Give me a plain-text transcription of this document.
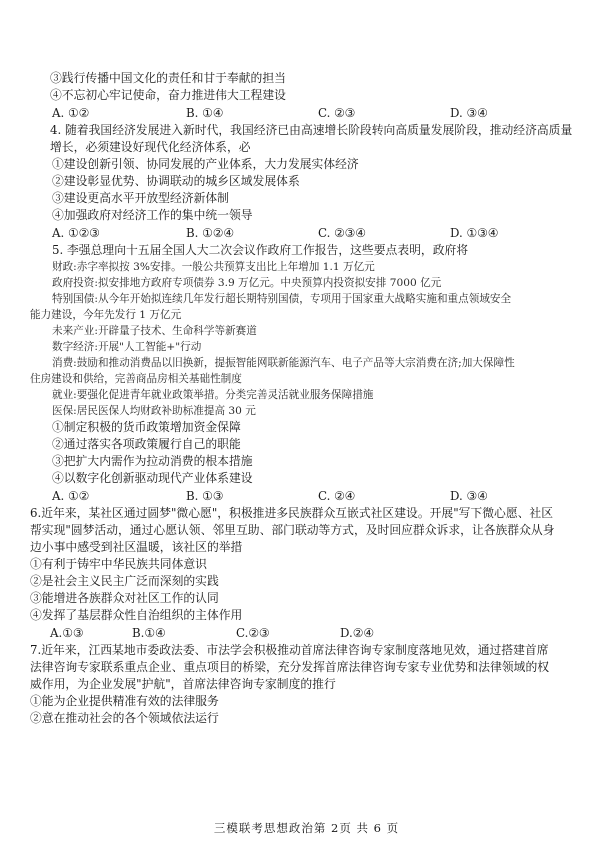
③践行传播中国文化的责任和甘于奉献的担当
④不忘初心牢记使命，奋力推进伟大工程建设
A. ①②	B. ①④	C. ②③	D. ③④
4. 随着我国经济发展进入新时代，我国经济已由高速增长阶段转向高质量发展阶段，推动经济高质量
增长，必须建设好现代化经济体系，必
①建设创新引领、协同发展的产业体系，大力发展实体经济
②建设彰显优势、协调联动的城乡区域发展体系
③建设更高水平开放型经济新体制
④加强政府对经济工作的集中统一领导
A. ①②③	B. ①②④	C. ②③④	D. ①③④
5. 李强总理向十五届全国人大二次会议作政府工作报告，这些要点表明，政府将
财政:赤字率拟按 3%安排。一般公共预算支出比上年增加 1.1 万亿元
政府投资:拟安排地方政府专项债券 3.9 万亿元。中央预算内投资拟安排 7000 亿元
特别国债:从今年开始拟连续几年发行超长期特别国债，专项用于国家重大战略实施和重点领域安全
能力建设，今年先发行 1 万亿元
未来产业:开辟量子技术、生命科学等新赛道
数字经济:开展"人工智能+"行动
消费:鼓励和推动消费品以旧换新，提振智能网联新能源汽车、电子产品等大宗消费在济;加大保障性
住房建设和供给，完善商品房相关基础性制度
就业:要强化促进青年就业政策举措。分类完善灵活就业服务保障措施
医保:居民医保人均财政补助标准提高 30 元
①制定积极的货币政策增加资金保障
②通过落实各项政策履行自己的职能
③把扩大内需作为拉动消费的根本措施
④以数字化创新驱动现代产业体系建设
A. ①②	B. ①③	C. ②④	D. ③④
6.近年来，某社区通过圆梦"微心愿"，积极推进多民族群众互嵌式社区建设。开展"写下微心愿、社区
帮实现"圆梦活动，通过心愿认领、邻里互助、部门联动等方式，及时回应群众诉求，让各族群众从身
边小事中感受到社区温暖，该社区的举措
①有利于铸牢中华民族共同体意识
②是社会主义民主广泛而深刻的实践
③能增进各族群众对社区工作的认同
④发挥了基层群众性自治组织的主体作用
A.①③	B.①④	C.②③	D.②④
7.近年来，江西某地市委政法委、市法学会积极推动首席法律咨询专家制度落地见效，通过搭建首席
法律咨询专家联系重点企业、重点项目的桥梁，充分发挥首席法律咨询专家专业优势和法律领域的权
威作用，为企业发展"护航"，首席法律咨询专家制度的推行
①能为企业提供精准有效的法律服务
②意在推动社会的各个领域依法运行
三模联考思想政治第 2页 共 6 页
